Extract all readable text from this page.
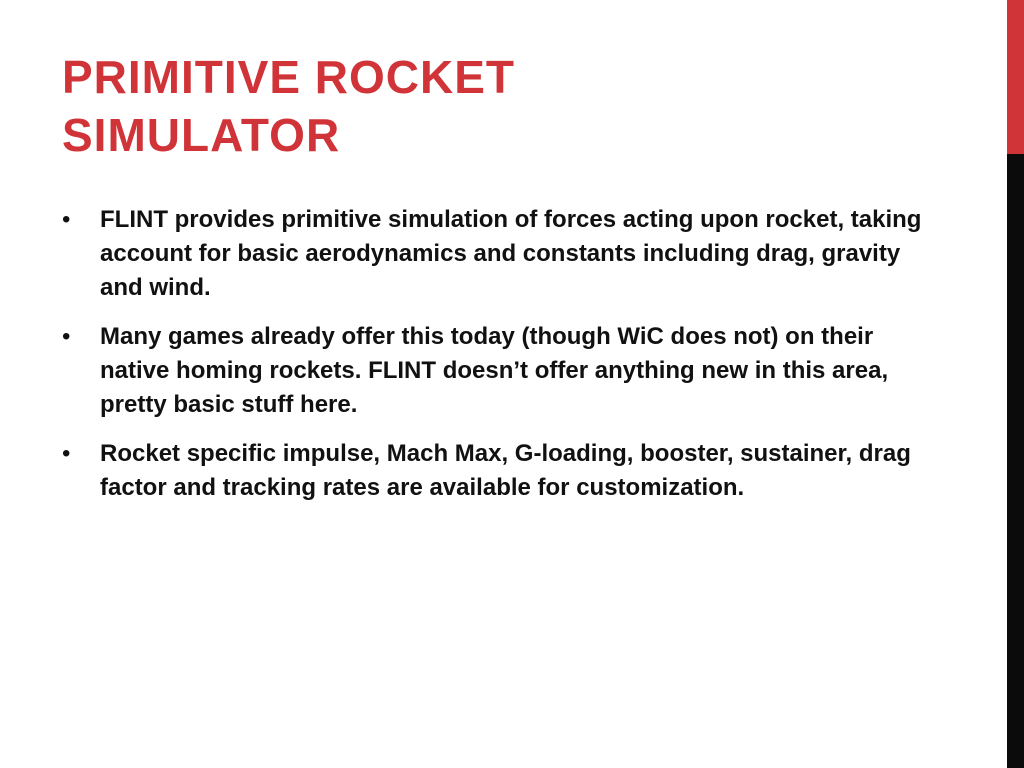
PRIMITIVE ROCKET
SIMULATOR
• FLINT provides primitive simulation of forces acting upon rocket, taking account for basic aerodynamics and constants including drag, gravity and wind.
• Many games already offer this today (though WiC does not) on their native homing rockets. FLINT doesn’t offer anything new in this area, pretty basic stuff here.
• Rocket specific impulse, Mach Max, G-loading, booster, sustainer, drag factor and tracking rates are available for customization.
